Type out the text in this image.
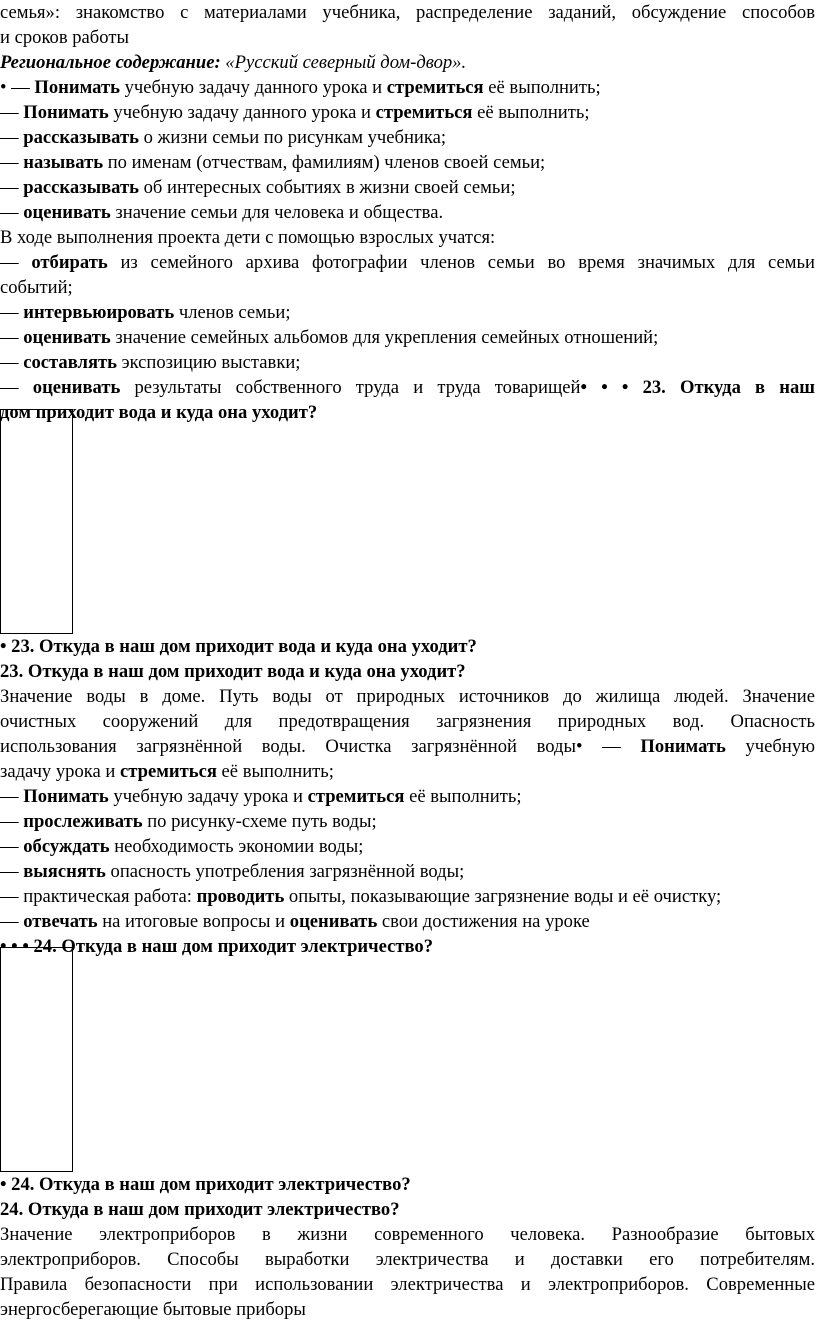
семья»: знакомство с материалами учебника, распределение заданий, обсуждение способов
и сроков работы
Региональное содержание: «Русский северный дом-двор».
• — Понимать учебную задачу данного урока и стремиться её выполнить;
— Понимать учебную задачу данного урока и стремиться её выполнить;
— рассказывать о жизни семьи по рисункам учебника;
— называть по именам (отчествам, фамилиям) членов своей семьи;
— рассказывать об интересных событиях в жизни своей семьи;
— оценивать значение семьи для человека и общества.
В ходе выполнения проекта дети с помощью взрослых учатся:
— отбирать из семейного архива фотографии членов семьи во время значимых для семьи
событий;
— интервьюировать членов семьи;
— оценивать значение семейных альбомов для укрепления семейных отношений;
— составлять экспозицию выставки;
— оценивать результаты собственного труда и труда товарищей• • • 23. Откуда в наш
дом приходит вода и куда она уходит?
• 23. Откуда в наш дом приходит вода и куда она уходит?
23. Откуда в наш дом приходит вода и куда она уходит?
Значение воды в доме. Путь воды от природных источников до жилища людей. Значение
очистных сооружений для предотвращения загрязнения природных вод. Опасность
использования загрязнённой воды. Очистка загрязнённой воды• — Понимать учебную
задачу урока и стремиться её выполнить;
— Понимать учебную задачу урока и стремиться её выполнить;
— прослеживать по рисунку-схеме путь воды;
— обсуждать необходимость экономии воды;
— выяснять опасность употребления загрязнённой воды;
— практическая работа: проводить опыты, показывающие загрязнение воды и её очистку;
— отвечать на итоговые вопросы и оценивать свои достижения на уроке
• • • 24. Откуда в наш дом приходит электричество?
• 24. Откуда в наш дом приходит электричество?
24. Откуда в наш дом приходит электричество?
Значение электроприборов в жизни современного человека. Разнообразие бытовых
электроприборов. Способы выработки электричества и доставки его потребителям.
Правила безопасности при использовании электричества и электроприборов. Современные
энергосберегающие бытовые приборы
